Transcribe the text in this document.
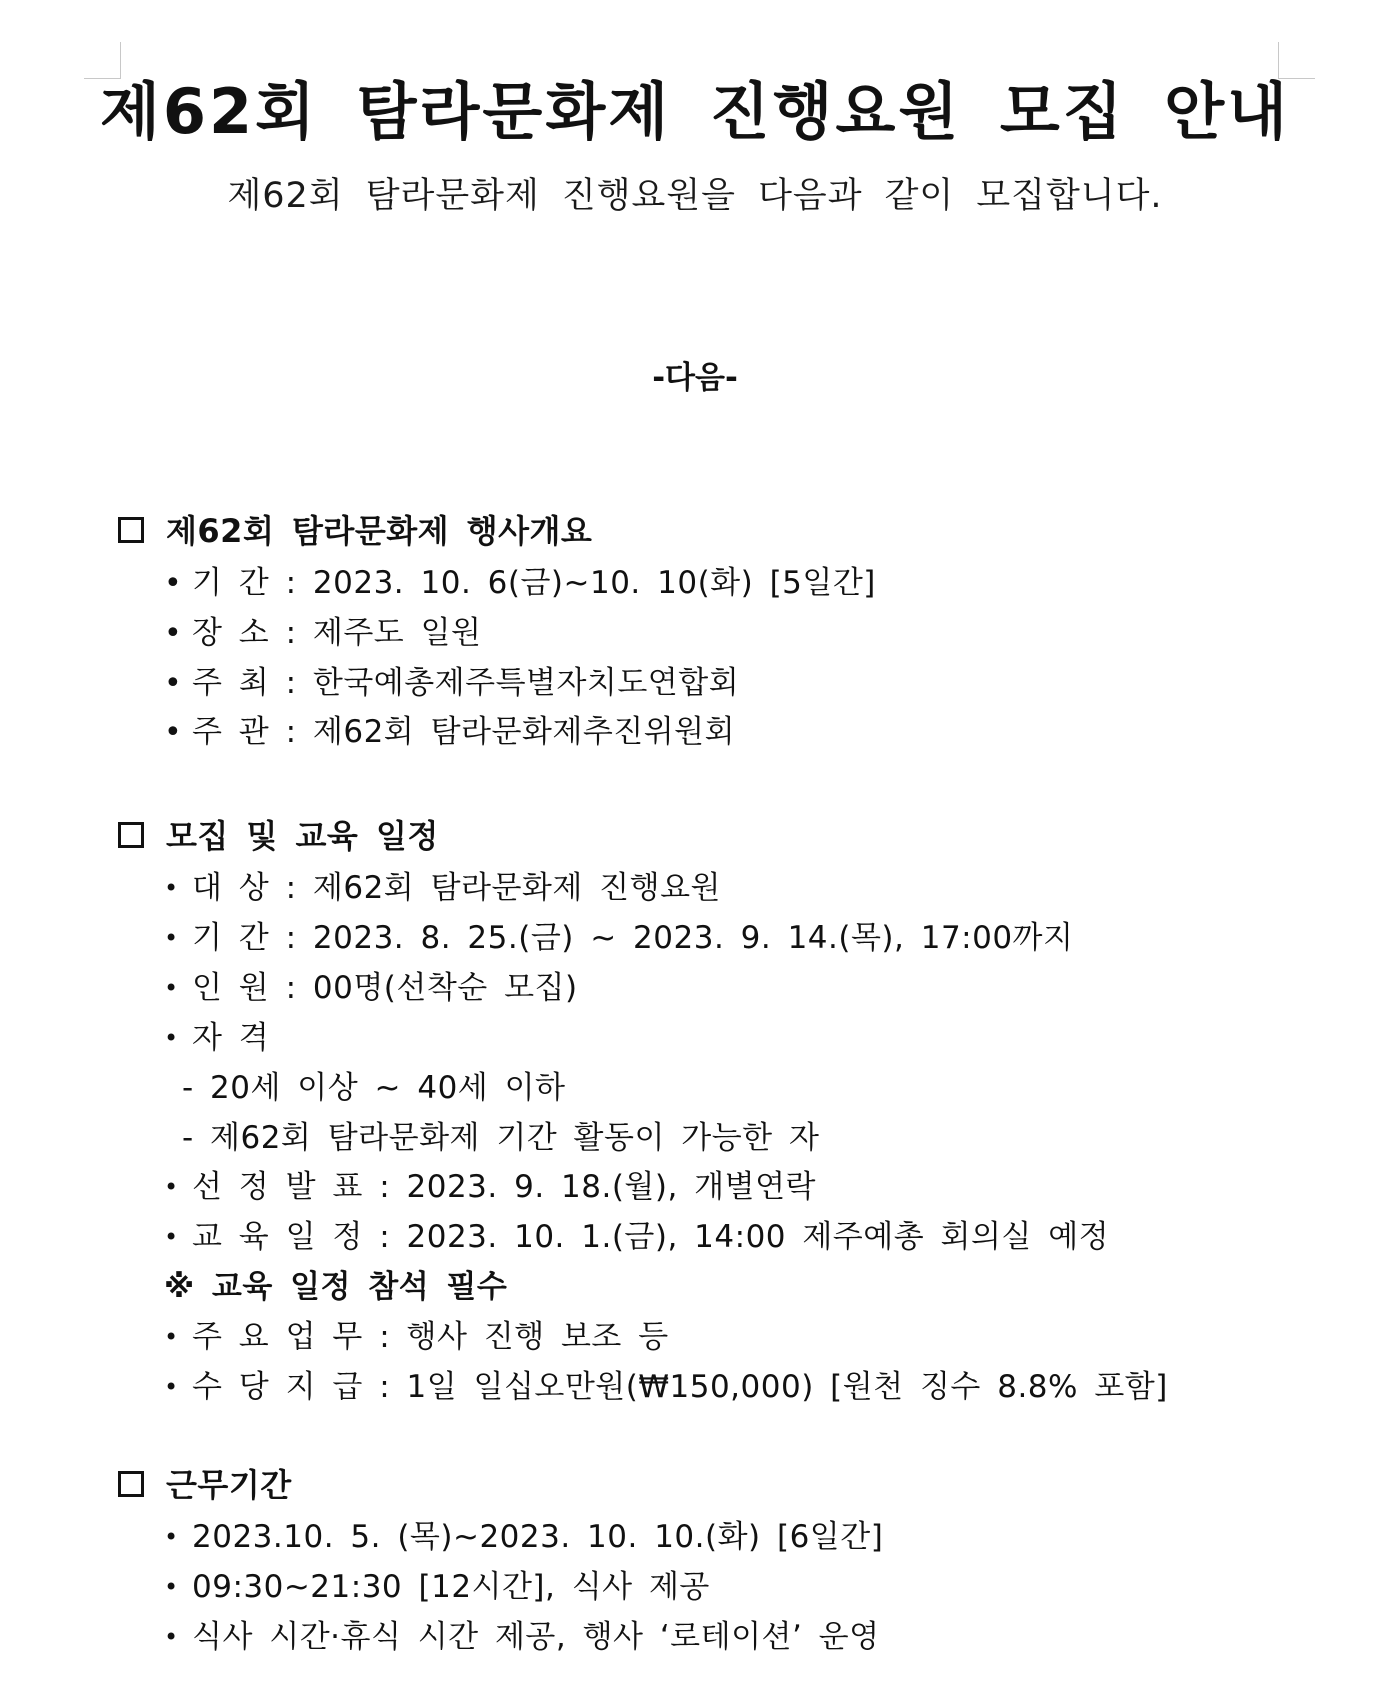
제62회 탐라문화제 진행요원 모집 안내
제62회 탐라문화제 진행요원을 다음과 같이 모집합니다.
-다음-
제62회 탐라문화제 행사개요
• 기 간 : 2023. 10. 6(금)~10. 10(화) [5일간]
• 장 소 : 제주도 일원
• 주 최 : 한국예총제주특별자치도연합회
• 주 관 : 제62회 탐라문화제추진위원회
모집 및 교육 일정
• 대 상 : 제62회 탐라문화제 진행요원
• 기 간 : 2023. 8. 25.(금) ~ 2023. 9. 14.(목), 17:00까지
• 인 원 : 00명(선착순 모집)
• 자 격
- 20세 이상 ~ 40세 이하
- 제62회 탐라문화제 기간 활동이 가능한 자
• 선 정 발 표 : 2023. 9. 18.(월), 개별연락
• 교 육 일 정 : 2023. 10. 1.(금), 14:00 제주예총 회의실 예정
※ 교육 일정 참석 필수
• 주 요 업 무 : 행사 진행 보조 등
• 수 당 지 급 : 1일 일십오만원(₩150,000) [원천 징수 8.8% 포함]
근무기간
• 2023.10. 5. (목)~2023. 10. 10.(화) [6일간]
• 09:30~21:30 [12시간], 식사 제공
• 식사 시간·휴식 시간 제공, 행사 ‘로테이션’ 운영
